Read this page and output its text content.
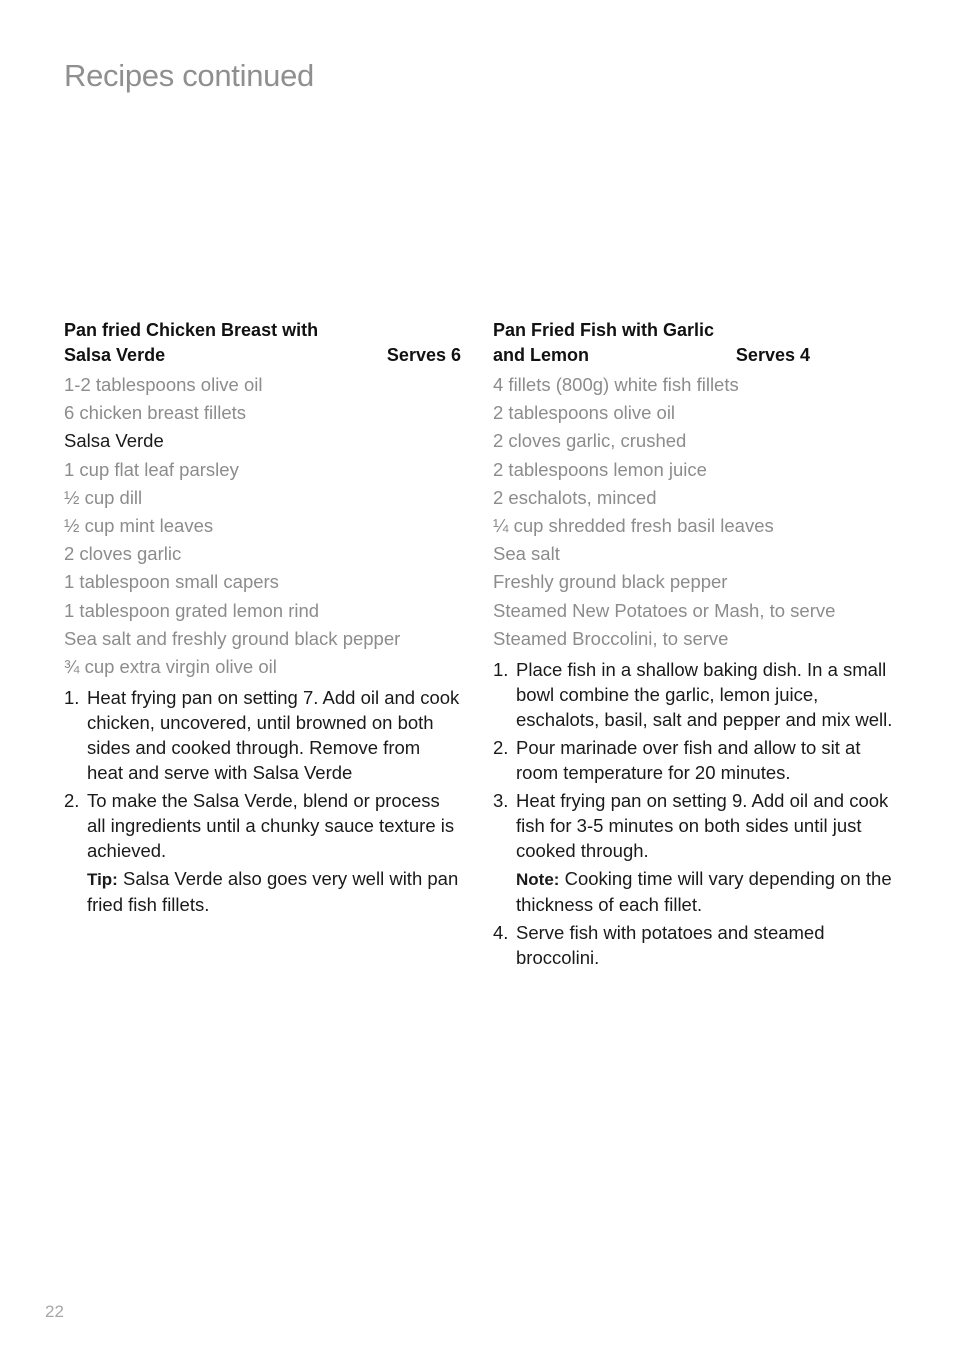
Recipes continued
Pan fried Chicken Breast with
Salsa Verde	Serves 6
1-2 tablespoons olive oil
6 chicken breast fillets
Salsa Verde
1 cup flat leaf parsley
½ cup dill
½ cup mint leaves
2 cloves garlic
1 tablespoon small capers
1 tablespoon grated lemon rind
Sea salt and freshly ground black pepper
¾ cup extra virgin olive oil
1. Heat frying pan on setting 7. Add oil and cook chicken, uncovered, until browned on both sides and cooked through. Remove from heat and serve with Salsa Verde
2. To make the Salsa Verde, blend or process all ingredients until a chunky sauce texture is achieved.
Tip: Salsa Verde also goes very well with pan fried fish fillets.
Pan Fried Fish with Garlic
and Lemon	Serves 4
4 fillets (800g) white fish fillets
2 tablespoons olive oil
2 cloves garlic, crushed
2 tablespoons lemon juice
2 eschalots, minced
¼ cup shredded fresh basil leaves
Sea salt
Freshly ground black pepper
Steamed New Potatoes or Mash, to serve
Steamed Broccolini, to serve
1. Place fish in a shallow baking dish. In a small bowl combine the garlic, lemon juice, eschalots, basil, salt and pepper and mix well.
2. Pour marinade over fish and allow to sit at room temperature for 20 minutes.
3. Heat frying pan on setting 9. Add oil and cook fish for 3-5 minutes on both sides until just cooked through.
Note: Cooking time will vary depending on the thickness of each fillet.
4. Serve fish with potatoes and steamed broccolini.
22
